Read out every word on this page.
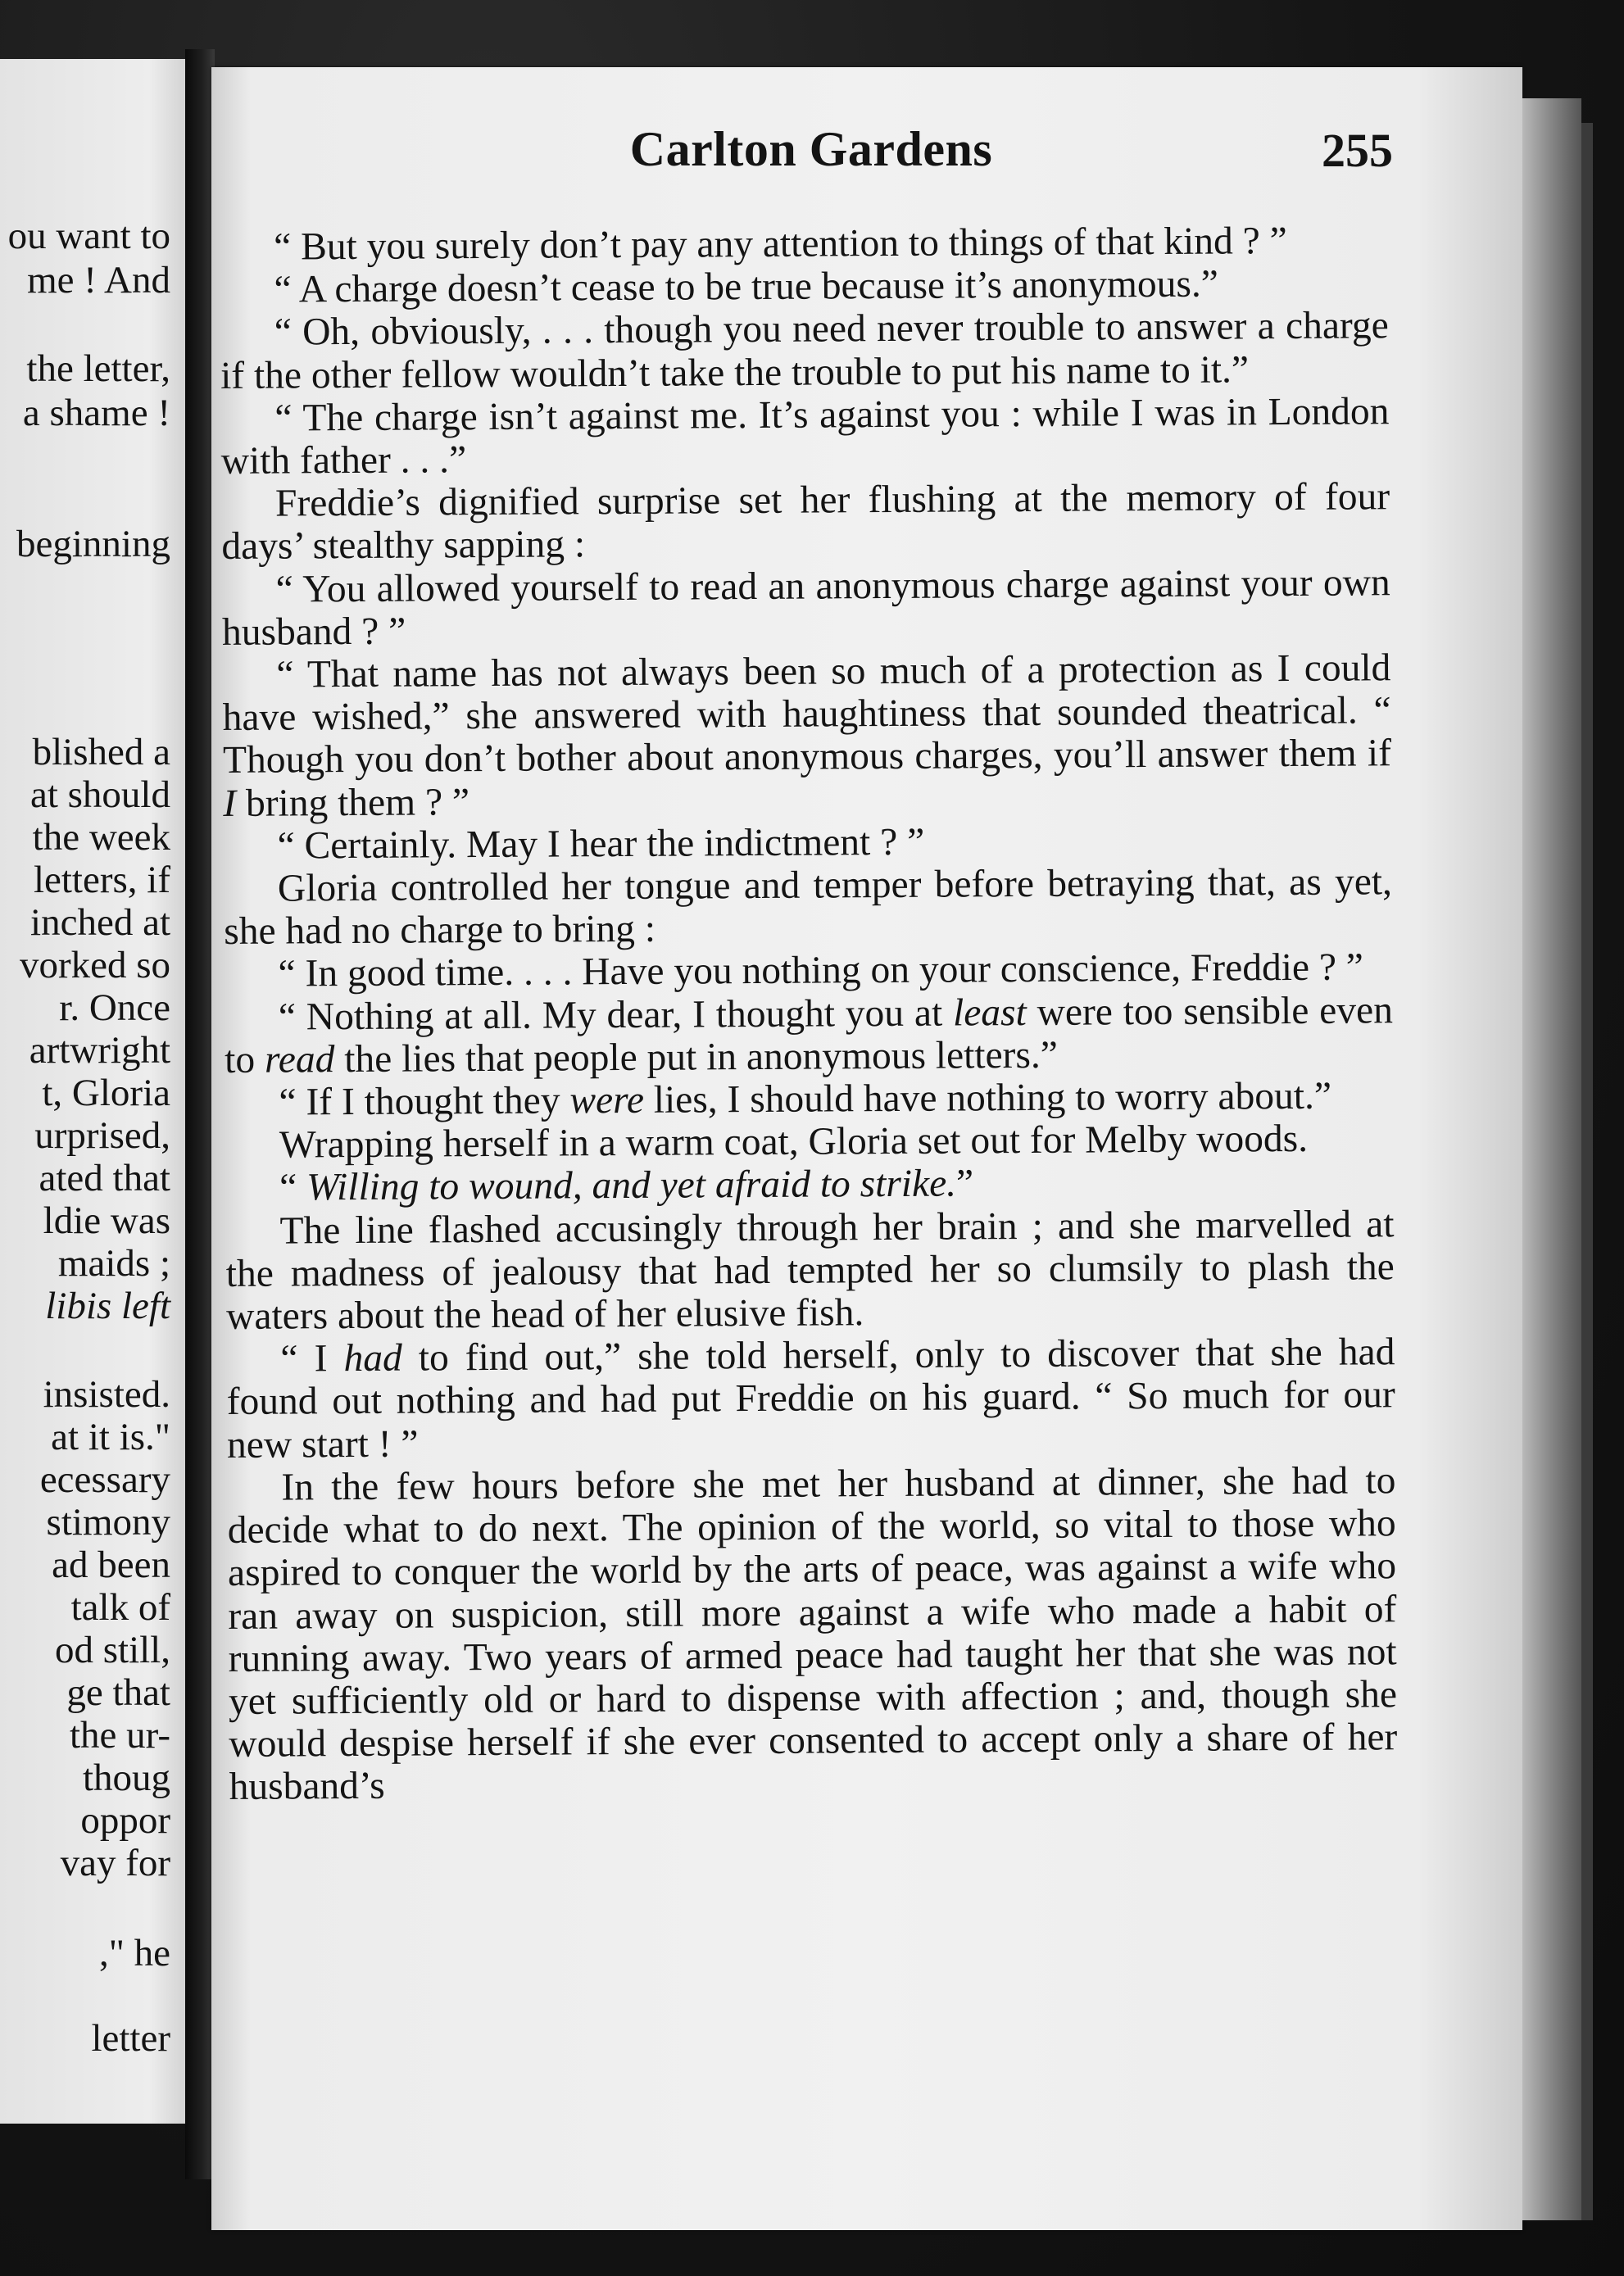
ou want to
me ! And
the letter,
a shame !
beginning
blished a
at should
the week
letters, if
inched at
vorked so
r. Once
artwright
t, Gloria
urprised,
ated that
ldie was
maids ;
libis left
insisted.
at it is."
ecessary
stimony
ad been
talk of
od still,
ge that
the ur-
thoug
oppor
vay for
," he
letter
Carlton Gardens	255

“ But you surely don’t pay any attention to things of that kind ? ”

“ A charge doesn’t cease to be true because it’s anonymous.”

“ Oh, obviously, . . . though you need never trouble to answer a charge if the other fellow wouldn’t take the trouble to put his name to it.”

“ The charge isn’t against me. It’s against you : while I was in London with father . . .”

Freddie’s dignified surprise set her flushing at the memory of four days’ stealthy sapping :

“ You allowed yourself to read an anonymous charge against your own husband ? ”

“ That name has not always been so much of a protection as I could have wished,” she answered with haughtiness that sounded theatrical. “ Though you don’t bother about anonymous charges, you’ll answer them if I bring them ? ”

“ Certainly. May I hear the indictment ? ”

Gloria controlled her tongue and temper before betraying that, as yet, she had no charge to bring :

“ In good time. . . . Have you nothing on your conscience, Freddie ? ”

“ Nothing at all. My dear, I thought you at least were too sensible even to read the lies that people put in anonymous letters.”

“ If I thought they were lies, I should have nothing to worry about.”

Wrapping herself in a warm coat, Gloria set out for Melby woods.

“ Willing to wound, and yet afraid to strike.”

The line flashed accusingly through her brain ; and she marvelled at the madness of jealousy that had tempted her so clumsily to plash the waters about the head of her elusive fish.

“ I had to find out,” she told herself, only to discover that she had found out nothing and had put Freddie on his guard. “ So much for our new start ! ”

In the few hours before she met her husband at dinner, she had to decide what to do next. The opinion of the world, so vital to those who aspired to conquer the world by the arts of peace, was against a wife who ran away on suspicion, still more against a wife who made a habit of running away. Two years of armed peace had taught her that she was not yet sufficiently old or hard to dispense with affection ; and, though she would despise herself if she ever consented to accept only a share of her husband’s
